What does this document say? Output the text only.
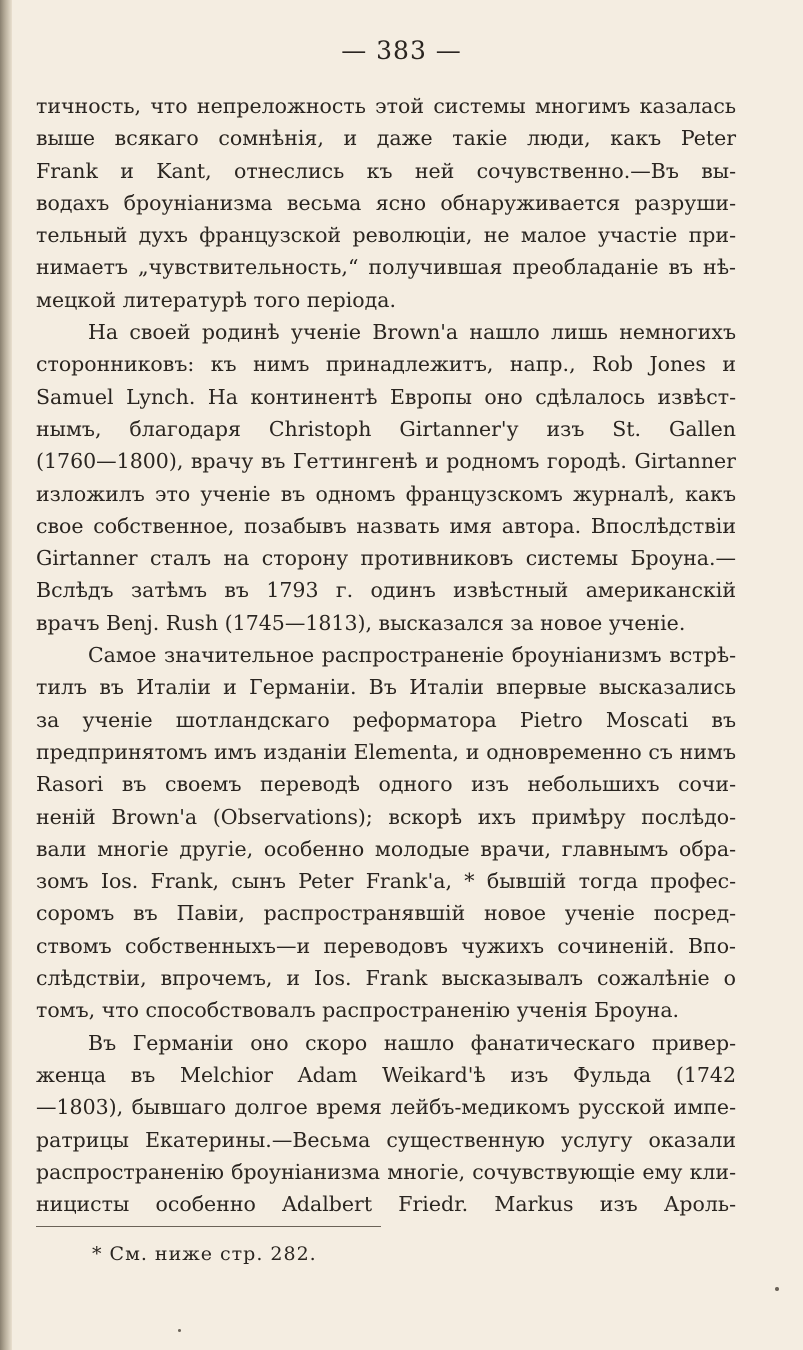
— 383 —
тичность, что непреложность этой системы многимъ казалась
выше всякаго сомнѣнія, и даже такіе люди, какъ Peter
Frank и Kant, отнеслись къ ней сочувственно.—Въ вы-
водахъ броуніанизма весьма ясно обнаруживается разруши-
тельный духъ французской революціи, не малое участіе при-
нимаетъ „чувствительность,“ получившая преобладаніе въ нѣ-
мецкой литературѣ того періода.
На своей родинѣ ученіе Brown'а нашло лишь немногихъ
сторонниковъ: къ нимъ принадлежитъ, напр., Rob Jones и
Samuel Lynch. На континентѣ Европы оно сдѣлалось извѣст-
нымъ, благодаря Christoph Girtanner'у изъ St. Gallen
(1760—1800), врачу въ Геттингенѣ и родномъ городѣ. Girtanner
изложилъ это ученіе въ одномъ французскомъ журналѣ, какъ
свое собственное, позабывъ назвать имя автора. Впослѣдствіи
Girtanner сталъ на сторону противниковъ системы Броуна.—
Вслѣдъ затѣмъ въ 1793 г. одинъ извѣстный американскій
врачъ Benj. Rush (1745—1813), высказался за новое ученіе.
Самое значительное распространеніе броуніанизмъ встрѣ-
тилъ въ Италіи и Германіи. Въ Италіи впервые высказались
за ученіе шотландскаго реформатора Pietro Moscati въ
предпринятомъ имъ изданіи Elementa, и одновременно съ нимъ
Rasori въ своемъ переводѣ одного изъ небольшихъ сочи-
неній Brown'а (Observations); вскорѣ ихъ примѣру послѣдо-
вали многіе другіе, особенно молодые врачи, главнымъ обра-
зомъ Ios. Frank, сынъ Peter Frank'а, * бывшій тогда профес-
соромъ въ Павіи, распространявшій новое ученіе посред-
ствомъ собственныхъ—и переводовъ чужихъ сочиненій. Впо-
слѣдствіи, впрочемъ, и Ios. Frank высказывалъ сожалѣніе о
томъ, что способствовалъ распространенію ученія Броуна.
Въ Германіи оно скоро нашло фанатическаго привер-
женца въ Melchior Adam Weikard'ѣ изъ Фульда (1742
—1803), бывшаго долгое время лейбъ-медикомъ русской импе-
ратрицы Екатерины.—Весьма существенную услугу оказали
распространенію броуніанизма многіе, сочувствующіе ему кли-
ницисты особенно Adalbert Friedr. Markus изъ Ароль-
* См. ниже стр. 282.
